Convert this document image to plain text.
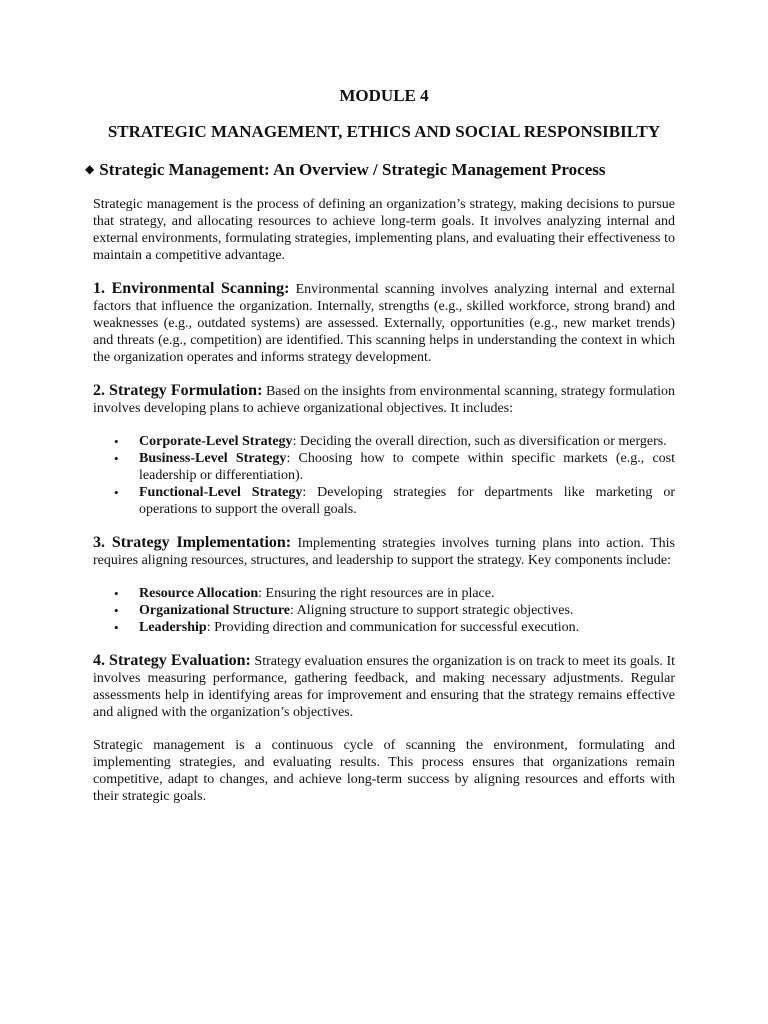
MODULE 4
STRATEGIC MANAGEMENT, ETHICS AND SOCIAL RESPONSIBILTY
◆ Strategic Management: An Overview / Strategic Management Process

Strategic management is the process of defining an organization’s strategy, making decisions to pursue that strategy, and allocating resources to achieve long-term goals. It involves analyzing internal and external environments, formulating strategies, implementing plans, and evaluating their effectiveness to maintain a competitive advantage.

1. Environmental Scanning: Environmental scanning involves analyzing internal and external factors that influence the organization. Internally, strengths (e.g., skilled workforce, strong brand) and weaknesses (e.g., outdated systems) are assessed. Externally, opportunities (e.g., new market trends) and threats (e.g., competition) are identified. This scanning helps in understanding the context in which the organization operates and informs strategy development.

2. Strategy Formulation: Based on the insights from environmental scanning, strategy formulation involves developing plans to achieve organizational objectives. It includes:

• Corporate-Level Strategy: Deciding the overall direction, such as diversification or mergers.
• Business-Level Strategy: Choosing how to compete within specific markets (e.g., cost leadership or differentiation).
• Functional-Level Strategy: Developing strategies for departments like marketing or operations to support the overall goals.

3. Strategy Implementation: Implementing strategies involves turning plans into action. This requires aligning resources, structures, and leadership to support the strategy. Key components include:

• Resource Allocation: Ensuring the right resources are in place.
• Organizational Structure: Aligning structure to support strategic objectives.
• Leadership: Providing direction and communication for successful execution.

4. Strategy Evaluation: Strategy evaluation ensures the organization is on track to meet its goals. It involves measuring performance, gathering feedback, and making necessary adjustments. Regular assessments help in identifying areas for improvement and ensuring that the strategy remains effective and aligned with the organization’s objectives.

Strategic management is a continuous cycle of scanning the environment, formulating and implementing strategies, and evaluating results. This process ensures that organizations remain competitive, adapt to changes, and achieve long-term success by aligning resources and efforts with their strategic goals.
